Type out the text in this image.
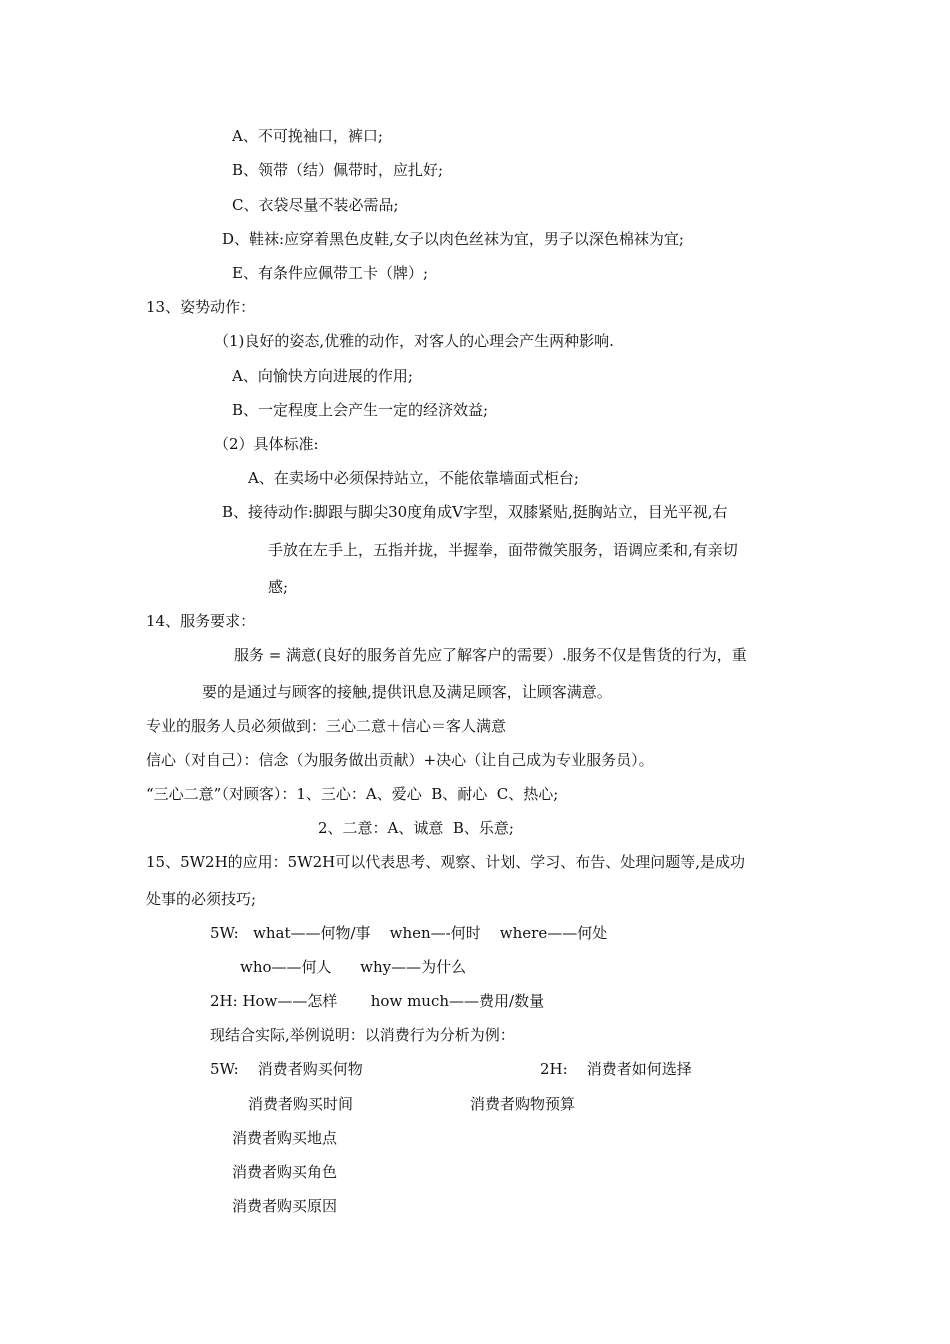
A、不可挽袖口，裤口;
B、领带（结）佩带时，应扎好;
C、衣袋尽量不装必需品;
D、鞋袜:应穿着黑色皮鞋,女子以肉色丝袜为宜，男子以深色棉袜为宜;
E、有条件应佩带工卡（牌）;
13、姿势动作：
（1)良好的姿态,优雅的动作，对客人的心理会产生两种影响.
A、向愉快方向进展的作用;
B、一定程度上会产生一定的经济效益;
（2）具体标准:
A、在卖场中必须保持站立，不能依靠墙面式柜台;
B、接待动作:脚跟与脚尖30度角成V字型，双膝紧贴,挺胸站立，目光平视,右
手放在左手上，五指并拢，半握拳，面带微笑服务，语调应柔和,有亲切
感;
14、服务要求：
服务 = 满意(良好的服务首先应了解客户的需要）.服务不仅是售货的行为，重
要的是通过与顾客的接触,提供讯息及满足顾客，让顾客满意。
专业的服务人员必须做到：三心二意＋信心＝客人满意
信心（对自己）：信念（为服务做出贡献）+决心（让自己成为专业服务员）。
“三心二意”（对顾客）：1、三心：A、爱心  B、耐心  C、热心;
2、二意：A、诚意  B、乐意;
15、5W2H的应用：5W2H可以代表思考、观察、计划、学习、布告、处理问题等,是成功
处事的必须技巧;
5W:   what——何物/事    when—-何时    where——何处
who——何人      why——为什么
2H: How——怎样       how much——费用/数量
现结合实际,举例说明：以消费行为分析为例：
5W:    消费者购买何物	2H:    消费者如何选择
消费者购买时间	消费者购物预算
消费者购买地点
消费者购买角色
消费者购买原因
